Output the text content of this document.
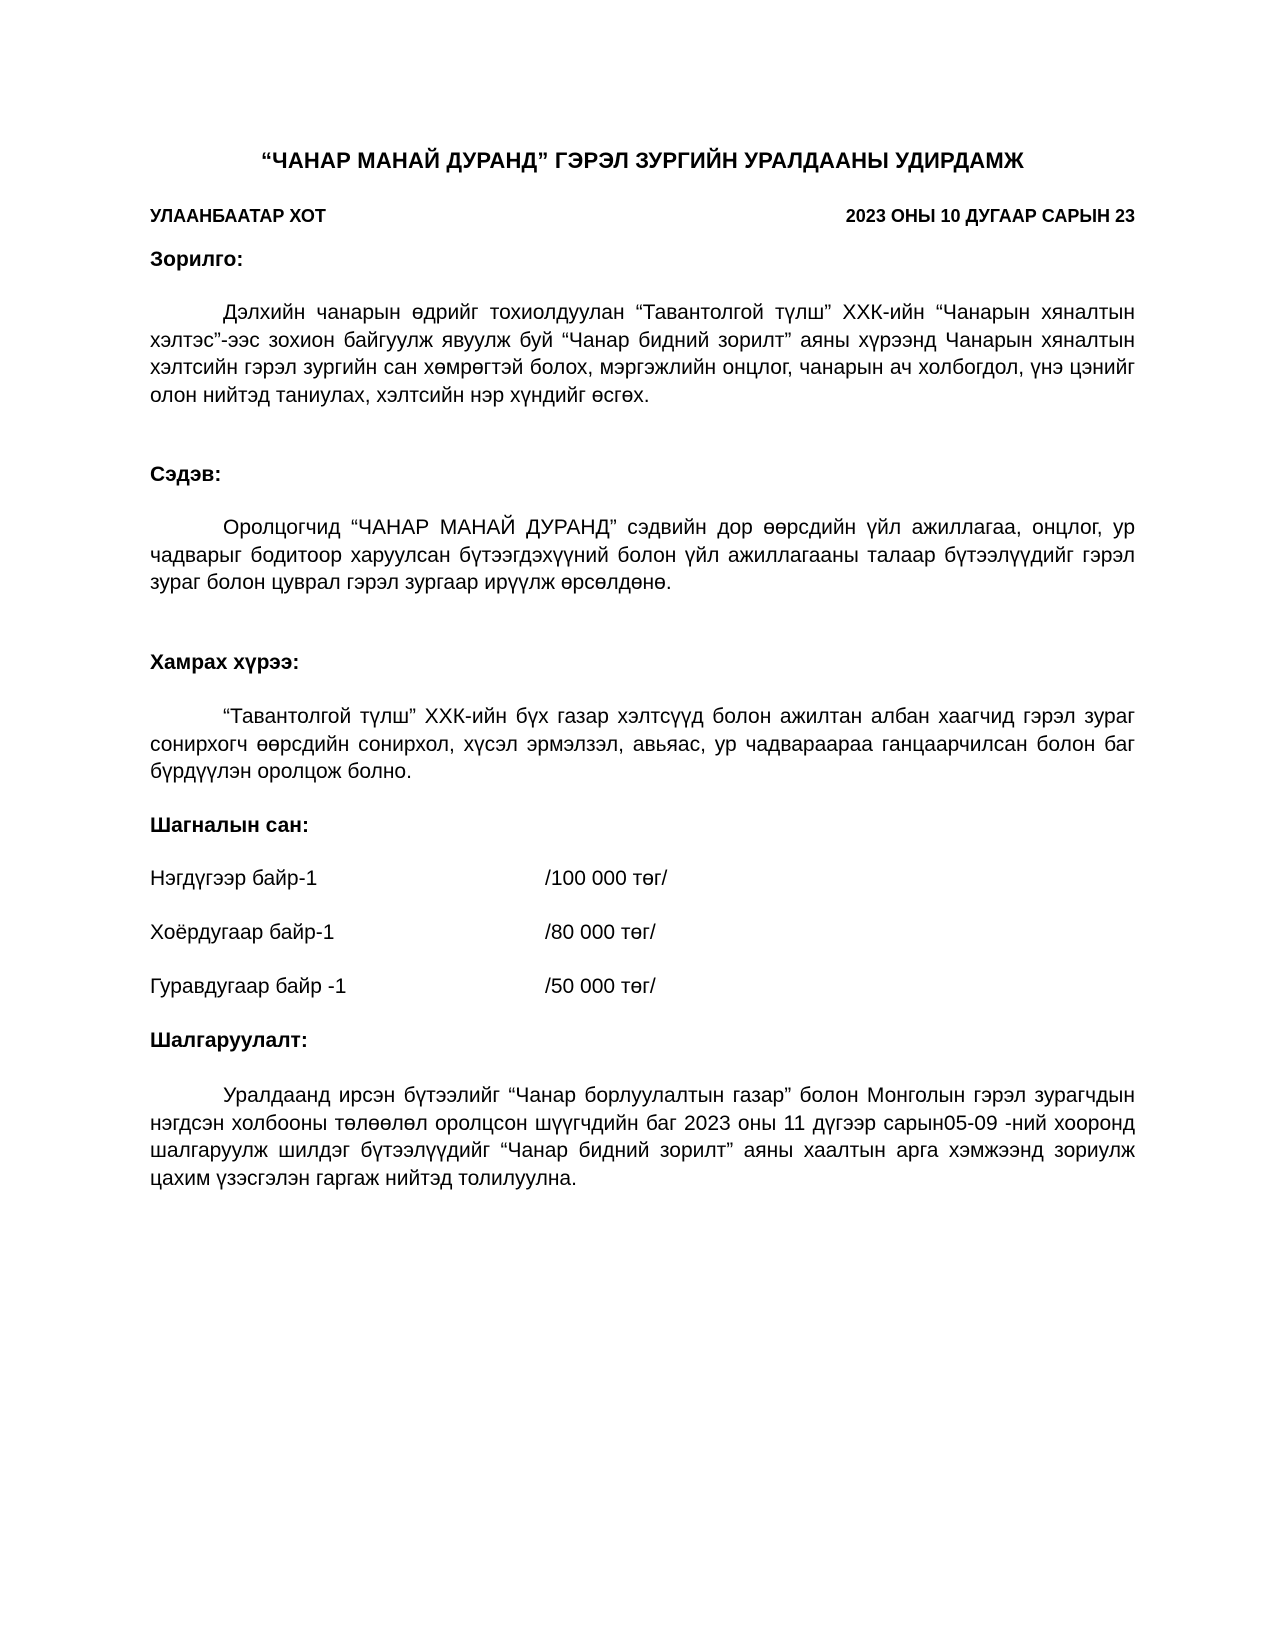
“ЧАНАР МАНАЙ ДУРАНД” ГЭРЭЛ ЗУРГИЙН УРАЛДААНЫ УДИРДАМЖ
УЛААНБААТАР ХОТ	2023 ОНЫ 10 ДУГААР САРЫН 23
Зорилго:

Дэлхийн чанарын өдрийг тохиолдуулан “Тавантолгой түлш” ХХК-ийн “Чанарын хяналтын хэлтэс”-ээс зохион байгуулж явуулж буй “Чанар бидний зорилт” аяны хүрээнд Чанарын хяналтын хэлтсийн гэрэл зургийн сан хөмрөгтэй болох, мэргэжлийн онцлог, чанарын ач холбогдол, үнэ цэнийг олон нийтэд таниулах, хэлтсийн нэр хүндийг өсгөх.

Сэдэв:

Оролцогчид “ЧАНАР МАНАЙ ДУРАНД” сэдвийн дор өөрсдийн үйл ажиллагаа, онцлог, ур чадварыг бодитоор харуулсан бүтээгдэхүүний болон үйл ажиллагааны талаар бүтээлүүдийг гэрэл зураг болон цуврал гэрэл зургаар ирүүлж өрсөлдөнө.

Хамрах хүрээ:

“Тавантолгой түлш” ХХК-ийн бүх газар хэлтсүүд болон ажилтан албан хаагчид гэрэл зураг сонирхогч өөрсдийн сонирхол, хүсэл эрмэлзэл, авьяас, ур чадвараараа ганцаарчилсан болон баг бүрдүүлэн оролцож болно.

Шагналын сан:
Нэгдүгээр байр-1	/100 000 төг/
Хоёрдугаар байр-1	/80 000 төг/
Гуравдугаар байр -1	/50 000 төг/
Шалгаруулалт:

Уралдаанд ирсэн бүтээлийг “Чанар борлуулалтын газар” болон Монголын гэрэл зурагчдын нэгдсэн холбооны төлөөлөл оролцсон шүүгчдийн баг 2023 оны 11 дүгээр сарын05-09 -ний хооронд шалгаруулж шилдэг бүтээлүүдийг “Чанар бидний зорилт” аяны хаалтын арга хэмжээнд зориулж цахим үзэсгэлэн гаргаж нийтэд толилуулна.
